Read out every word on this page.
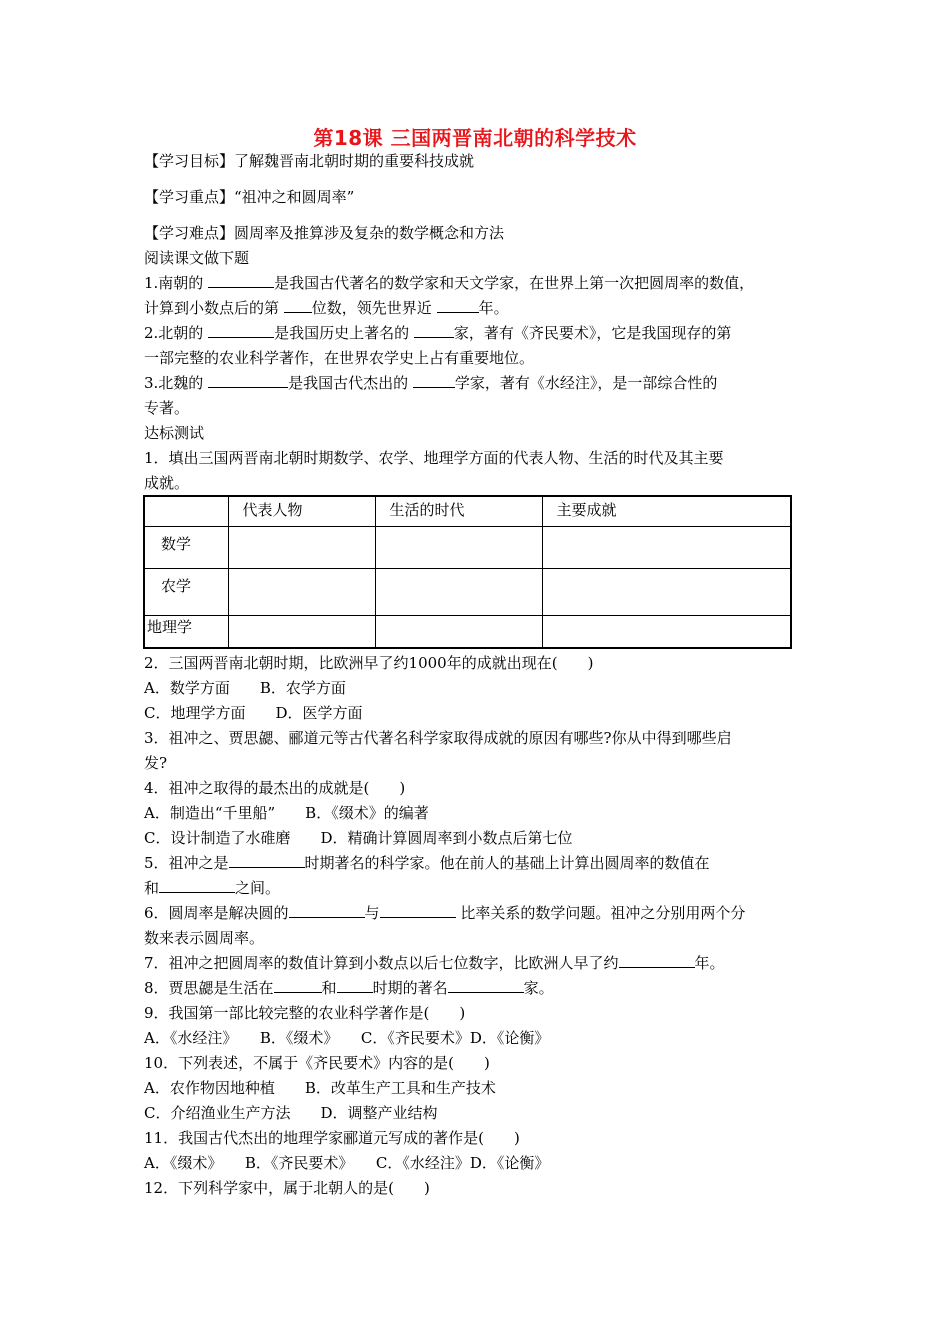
第18课 三国两晋南北朝的科学技术
【学习目标】了解魏晋南北朝时期的重要科技成就
【学习重点】“祖冲之和圆周率”
【学习难点】圆周率及推算涉及复杂的数学概念和方法
阅读课文做下题
1.南朝的	是我国古代著名的数学家和天文学家，在世界上第一次把圆周率的数值，
计算到小数点后的第 位数，领先世界近	年。
2.北朝的	是我国历史上著名的	家，著有《齐民要术》，它是我国现存的第
一部完整的农业科学著作，在世界农学史上占有重要地位。
3.北魏的	是我国古代杰出的	学家，著有《水经注》，是一部综合性的
专著。
达标测试
1．填出三国两晋南北朝时期数学、农学、地理学方面的代表人物、生活的时代及其主要
成就。
	代表人物	生活的时代	主要成就
数学			
农学			
地理学			
2．三国两晋南北朝时期，比欧洲早了约1000年的成就出现在(　　)
A．数学方面　　B．农学方面
C．地理学方面　　D．医学方面
3．祖冲之、贾思勰、郦道元等古代著名科学家取得成就的原因有哪些?你从中得到哪些启
发?
4．祖冲之取得的最杰出的成就是(　　)
A．制造出“千里船”　　B．《缀术》的编著
C．设计制造了水碓磨　　D．精确计算圆周率到小数点后第七位
5．祖冲之是	时期著名的科学家。他在前人的基础上计算出圆周率的数值在
和	之间。
6．圆周率是解决圆的	与	比率关系的数学问题。祖冲之分别用两个分
数来表示圆周率。
7．祖冲之把圆周率的数值计算到小数点以后七位数字，比欧洲人早了约	年。
8．贾思勰是生活在	和 时期的著名	家。
9．我国第一部比较完整的农业科学著作是(　　)
A．《水经注》　　B．《缀术》　　C．《齐民要术》D．《论衡》
10．下列表述，不属于《齐民要术》内容的是(　　)
A．农作物因地种植　　B．改革生产工具和生产技术
C．介绍渔业生产方法　　D．调整产业结构
11．我国古代杰出的地理学家郦道元写成的著作是(　　)
A．《缀术》　　B．《齐民要术》　　C．《水经注》D．《论衡》
12．下列科学家中，属于北朝人的是(　　)
